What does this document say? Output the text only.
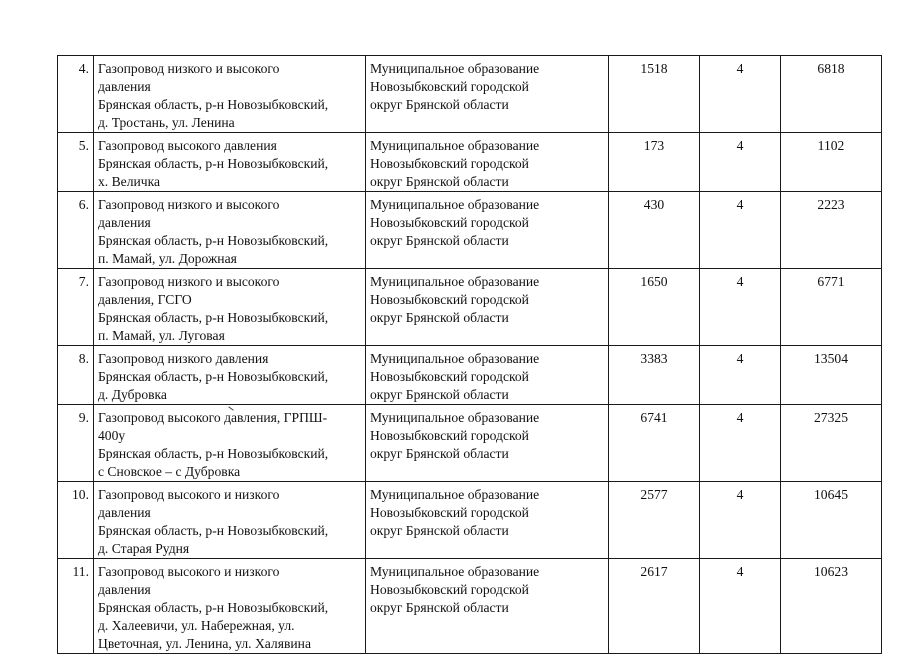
4.	Газопровод низкого и высокого
давления
Брянская область, р-н Новозыбковский,
д. Тростань, ул. Ленина	Муниципальное образование
Новозыбковский городской
округ Брянской области	1518	4	6818
5.	Газопровод высокого давления
Брянская область, р-н Новозыбковский,
х. Величка	Муниципальное образование
Новозыбковский городской
округ Брянской области	173	4	1102
6.	Газопровод низкого и высокого
давления
Брянская область, р-н Новозыбковский,
п. Мамай, ул. Дорожная	Муниципальное образование
Новозыбковский городской
округ Брянской области	430	4	2223
7.	Газопровод низкого и высокого
давления, ГСГО
Брянская область, р-н Новозыбковский,
п. Мамай, ул. Луговая	Муниципальное образование
Новозыбковский городской
округ Брянской области	1650	4	6771
8.	Газопровод низкого давления
Брянская область, р-н Новозыбковский,
д. Дубровка	Муниципальное образование
Новозыбковский городской
округ Брянской области	3383	4	13504
9.	Газопровод высокого давления, ГРПШ-
400у
Брянская область, р-н Новозыбковский,
с Сновское – с Дубровка	Муниципальное образование
Новозыбковский городской
округ Брянской области	6741	4	27325
10.	Газопровод высокого и низкого
давления
Брянская область, р-н Новозыбковский,
д. Старая Рудня	Муниципальное образование
Новозыбковский городской
округ Брянской области	2577	4	10645
11.	Газопровод высокого и низкого
давления
Брянская область, р-н Новозыбковский,
д. Халеевичи, ул. Набережная, ул.
Цветочная, ул. Ленина, ул. Халявина	Муниципальное образование
Новозыбковский городской
округ Брянской области	2617	4	10623
